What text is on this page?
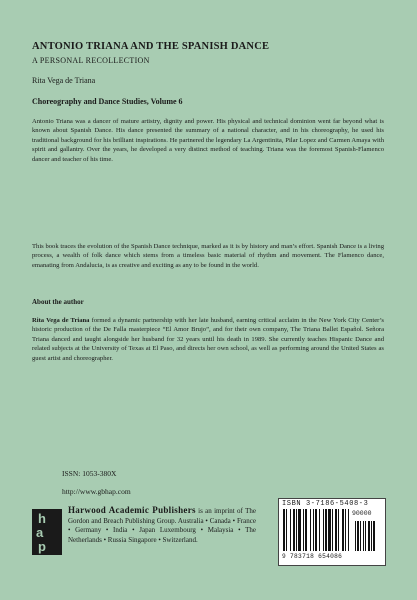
ANTONIO TRIANA AND THE SPANISH DANCE
A PERSONAL RECOLLECTION
Rita Vega de Triana
Choreography and Dance Studies, Volume 6
Antonio Triana was a dancer of mature artistry, dignity and power. His physical and technical dominion went far beyond what is known about Spanish Dance. His dance presented the summary of a national character, and in his choreography, he used his traditional background for his brilliant inspirations. He partnered the legendary La Argentinita, Pilar Lopez and Carmen Amaya with spirit and gallantry. Over the years, he developed a very distinct method of teaching. Triana was the foremost Spanish-Flamenco dancer and teacher of his time.
This book traces the evolution of the Spanish Dance technique, marked as it is by history and man’s effort. Spanish Dance is a living process, a wealth of folk dance which stems from a timeless basic material of rhythm and movement. The Flamenco dance, emanating from Andalucia, is as creative and exciting as any to be found in the world.
About the author
Rita Vega de Triana formed a dynamic partnership with her late husband, earning critical acclaim in the New York City Center’s historic production of the De Falla masterpiece “El Amor Brujo”, and for their own company, The Triana Ballet Español. Señora Triana danced and taught alongside her husband for 32 years until his death in 1989. She currently teaches Hispanic Dance and related subjects at the University of Texas at El Paso, and directs her own school, as well as performing around the United States as guest artist and choreographer.
ISSN: 1053-380X
http://www.gbhap.com
h
a
p
Harwood Academic Publishers is an imprint of The Gordon and Breach Publishing Group. Australia • Canada • France • Germany • India • Japan Luxembourg • Malaysia • The Netherlands • Russia Singapore • Switzerland.
ISBN 3-7186-5408-3
90000
9 783718 654086
